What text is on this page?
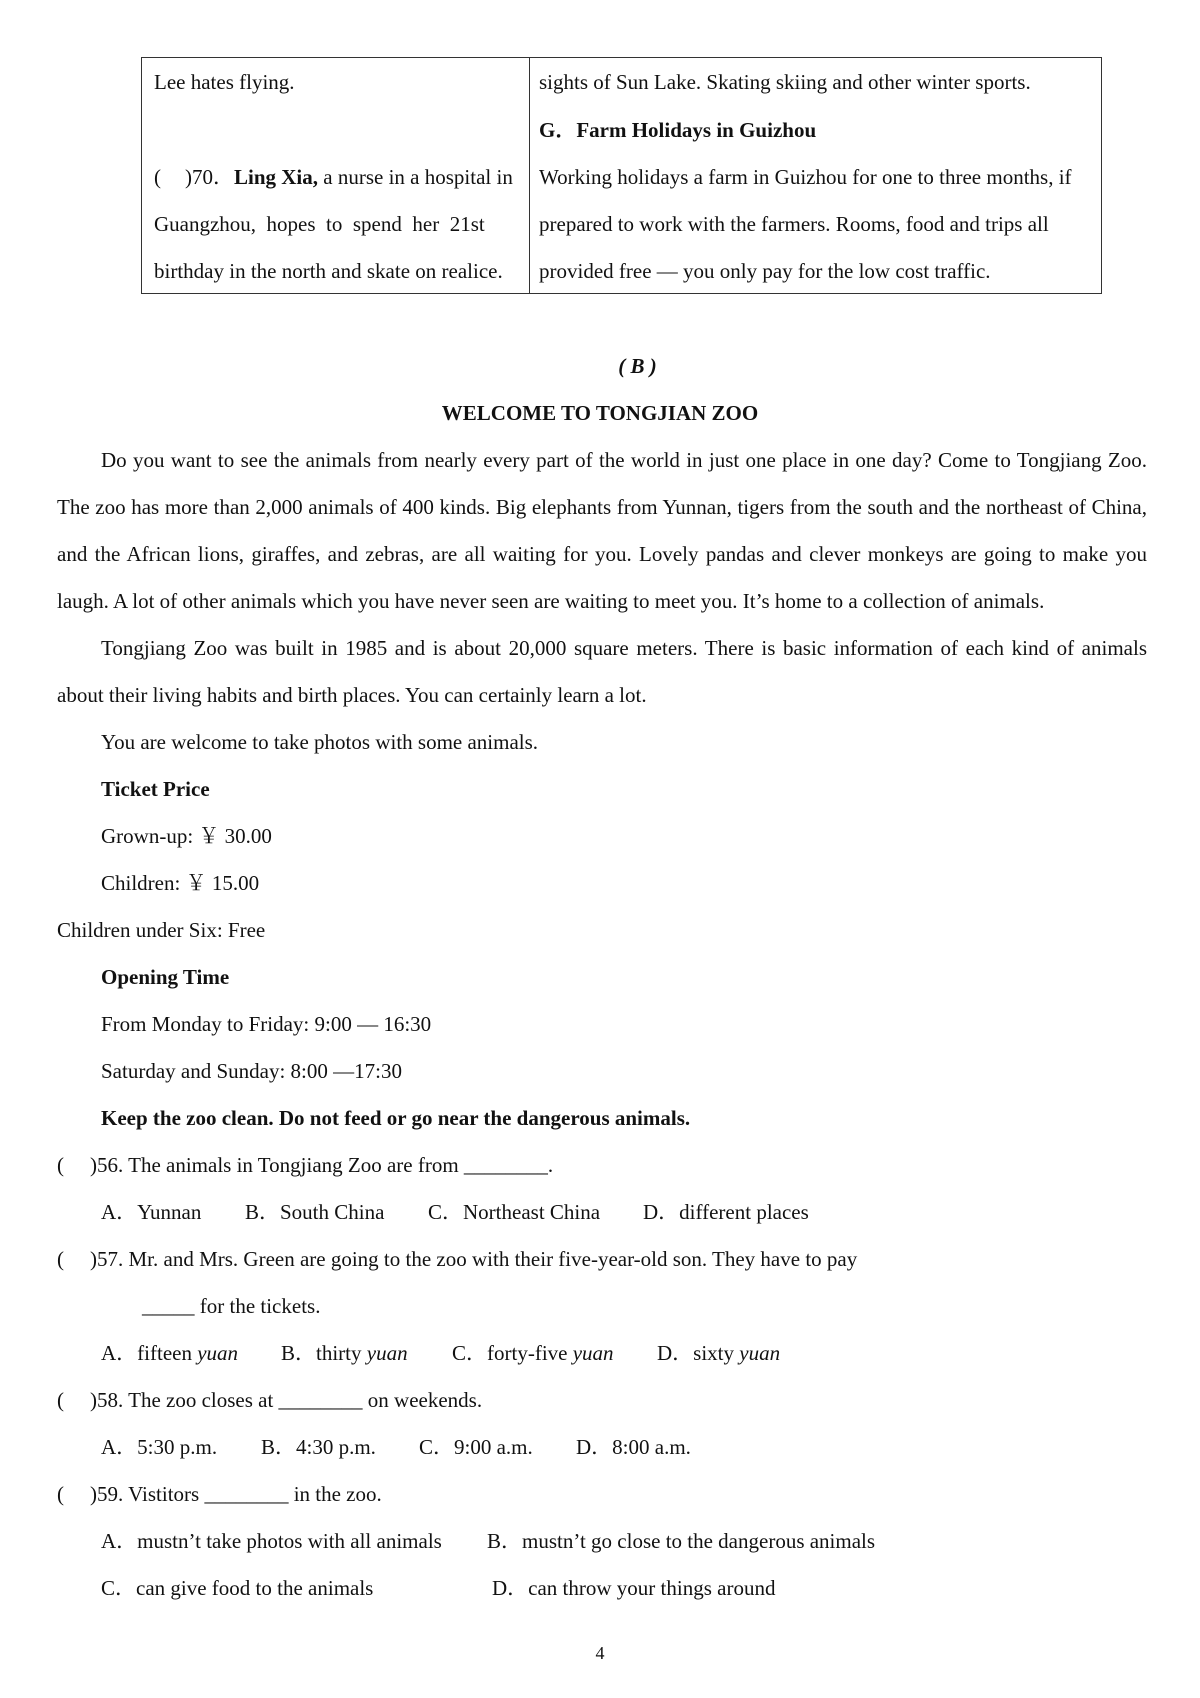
Lee hates flying.
( )70．Ling Xia, a nurse in a hospital in
Guangzhou,  hopes  to  spend  her  21st
birthday in the north and skate on realice.
sights of Sun Lake. Skating skiing and other winter sports.
G．Farm Holidays in Guizhou
Working holidays a farm in Guizhou for one to three months, if
prepared to work with the farmers. Rooms, food and trips all
provided free — you only pay for the low cost traffic.
( B )
WELCOME TO TONGJIAN ZOO
Do you want to see the animals from nearly every part of the world in just one place in one day? Come to Tongjiang Zoo.
The zoo has more than 2,000 animals of 400 kinds. Big elephants from Yunnan, tigers from the south and the northeast of China,
and the African lions, giraffes, and zebras, are all waiting for you. Lovely pandas and clever monkeys are going to make you
laugh. A lot of other animals which you have never seen are waiting to meet you. It’s home to a collection of animals.
Tongjiang Zoo was built in 1985 and is about 20,000 square meters. There is basic information of each kind of animals
about their living habits and birth places. You can certainly learn a lot.
You are welcome to take photos with some animals.
Ticket Price
Grown-up: ￥ 30.00
Children: ￥ 15.00
Children under Six: Free
Opening Time
From Monday to Friday: 9:00 — 16:30
Saturday and Sunday: 8:00 —17:30
Keep the zoo clean. Do not feed or go near the dangerous animals.
( )56. The animals in Tongjiang Zoo are from ________.
A．Yunnan B．South China C．Northeast China D．different places
( )57. Mr. and Mrs. Green are going to the zoo with their five-year-old son. They have to pay
_____ for the tickets.
A．fifteen yuan B．thirty yuan C．forty-five yuan D．sixty yuan
( )58. The zoo closes at ________ on weekends.
A．5:30 p.m. B．4:30 p.m. C．9:00 a.m. D．8:00 a.m.
( )59. Vistitors ________ in the zoo.
A．mustn’t take photos with all animals B．mustn’t go close to the dangerous animals
C．can give food to the animals	D．can throw your things around
4
